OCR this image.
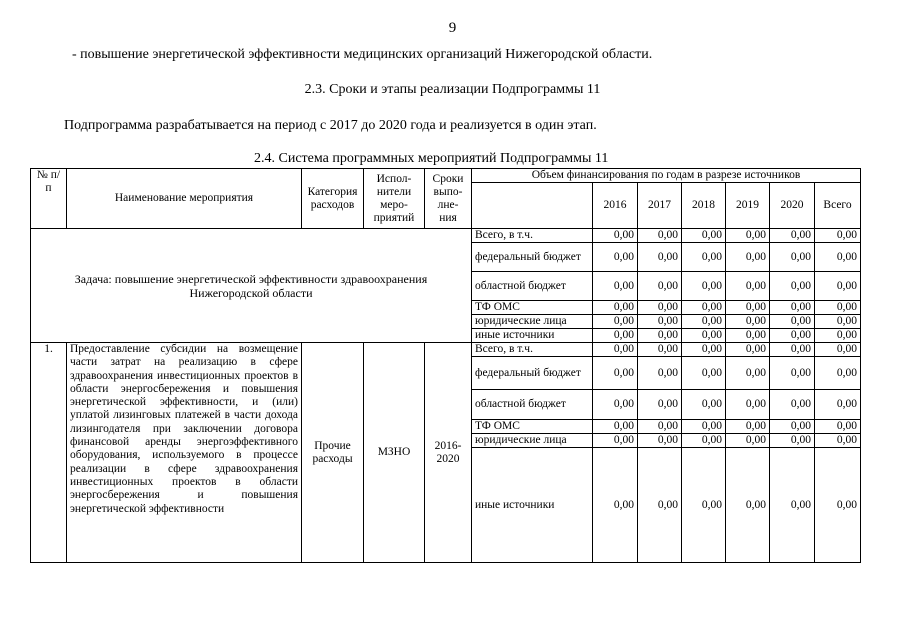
9
- повышение энергетической эффективности медицинских организаций Нижегородской области.
2.3. Сроки и этапы реализации Подпрограммы 11
Подпрограмма разрабатывается на период с 2017 до 2020 года и реализуется в один этап.
2.4. Система программных мероприятий Подпрограммы 11
№ п/п	Наименование мероприятия	Категория расходов	Испол- нители меро- приятий	Сроки выпо- лне- ния	Объем финансирования по годам в разрезе источников						
						2016	2017	2018	2019	2020	Всего
Задача: повышение энергетической эффективности здравоохранения Нижегородской области					Всего, в т.ч.	0,00	0,00	0,00	0,00	0,00	0,00
					федеральный бюджет	0,00	0,00	0,00	0,00	0,00	0,00
					областной бюджет	0,00	0,00	0,00	0,00	0,00	0,00
					ТФ ОМС	0,00	0,00	0,00	0,00	0,00	0,00
					юридические лица	0,00	0,00	0,00	0,00	0,00	0,00
					иные источники	0,00	0,00	0,00	0,00	0,00	0,00
1.	Предоставление субсидии на возмещение части затрат на реализацию в сфере здравоохранения инвестиционных проектов в области энергосбережения и повышения энергетической эффективности, и (или) уплатой лизинговых платежей в части дохода лизингодателя при заключении договора финансовой аренды энергоэффективного оборудования, используемого в процессе реализации в сфере здравоохранения инвестиционных проектов в области энергосбережения и повышения энергетической эффективности	Прочие расходы	МЗНО	2016- 2020	Всего, в т.ч.	0,00	0,00	0,00	0,00	0,00	0,00
					федеральный бюджет	0,00	0,00	0,00	0,00	0,00	0,00
					областной бюджет	0,00	0,00	0,00	0,00	0,00	0,00
					ТФ ОМС	0,00	0,00	0,00	0,00	0,00	0,00
					юридические лица	0,00	0,00	0,00	0,00	0,00	0,00
					иные источники	0,00	0,00	0,00	0,00	0,00	0,00
